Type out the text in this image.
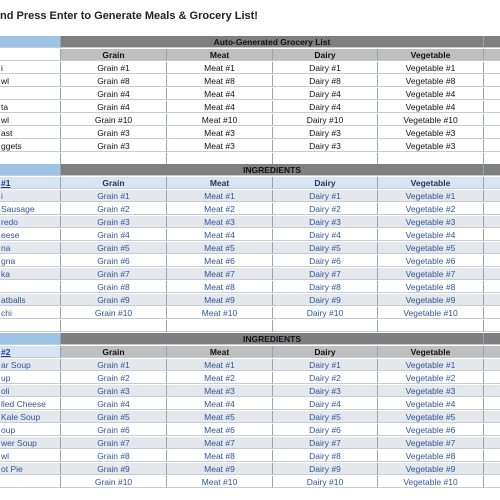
nd Press Enter to Generate Meals & Grocery List!
Auto-Generated Grocery List
Grain	Meat	Dairy	Vegetable
i	Grain #1	Meat #1	Dairy #1	Vegetable #1
wl	Grain #8	Meat #8	Dairy #8	Vegetable #8
Grain #4	Meat #4	Dairy #4	Vegetable #4
ta	Grain #4	Meat #4	Dairy #4	Vegetable #4
wl	Grain #10	Meat #10	Dairy #10	Vegetable #10
ast	Grain #3	Meat #3	Dairy #3	Vegetable #3
ggets	Grain #3	Meat #3	Dairy #3	Vegetable #3
INGREDIENTS
#1	Grain	Meat	Dairy	Vegetable
i	Grain #1	Meat #1	Dairy #1	Vegetable #1
Sausage	Grain #2	Meat #2	Dairy #2	Vegetable #2
redo	Grain #3	Meat #3	Dairy #3	Vegetable #3
eese	Grain #4	Meat #4	Dairy #4	Vegetable #4
na	Grain #5	Meat #5	Dairy #5	Vegetable #5
gna	Grain #6	Meat #6	Dairy #6	Vegetable #6
ka	Grain #7	Meat #7	Dairy #7	Vegetable #7
Grain #8	Meat #8	Dairy #8	Vegetable #8
atballs	Grain #9	Meat #9	Dairy #9	Vegetable #9
chi	Grain #10	Meat #10	Dairy #10	Vegetable #10
INGREDIENTS
#2	Grain	Meat	Dairy	Vegetable
ar Soup	Grain #1	Meat #1	Dairy #1	Vegetable #1
up	Grain #2	Meat #2	Dairy #2	Vegetable #2
oli	Grain #3	Meat #3	Dairy #3	Vegetable #3
lled Cheese	Grain #4	Meat #4	Dairy #4	Vegetable #4
Kale Soup	Grain #5	Meat #5	Dairy #5	Vegetable #5
oup	Grain #6	Meat #6	Dairy #6	Vegetable #6
wer Soup	Grain #7	Meat #7	Dairy #7	Vegetable #7
wl	Grain #8	Meat #8	Dairy #8	Vegetable #8
ot Pie	Grain #9	Meat #9	Dairy #9	Vegetable #9
Grain #10	Meat #10	Dairy #10	Vegetable #10
